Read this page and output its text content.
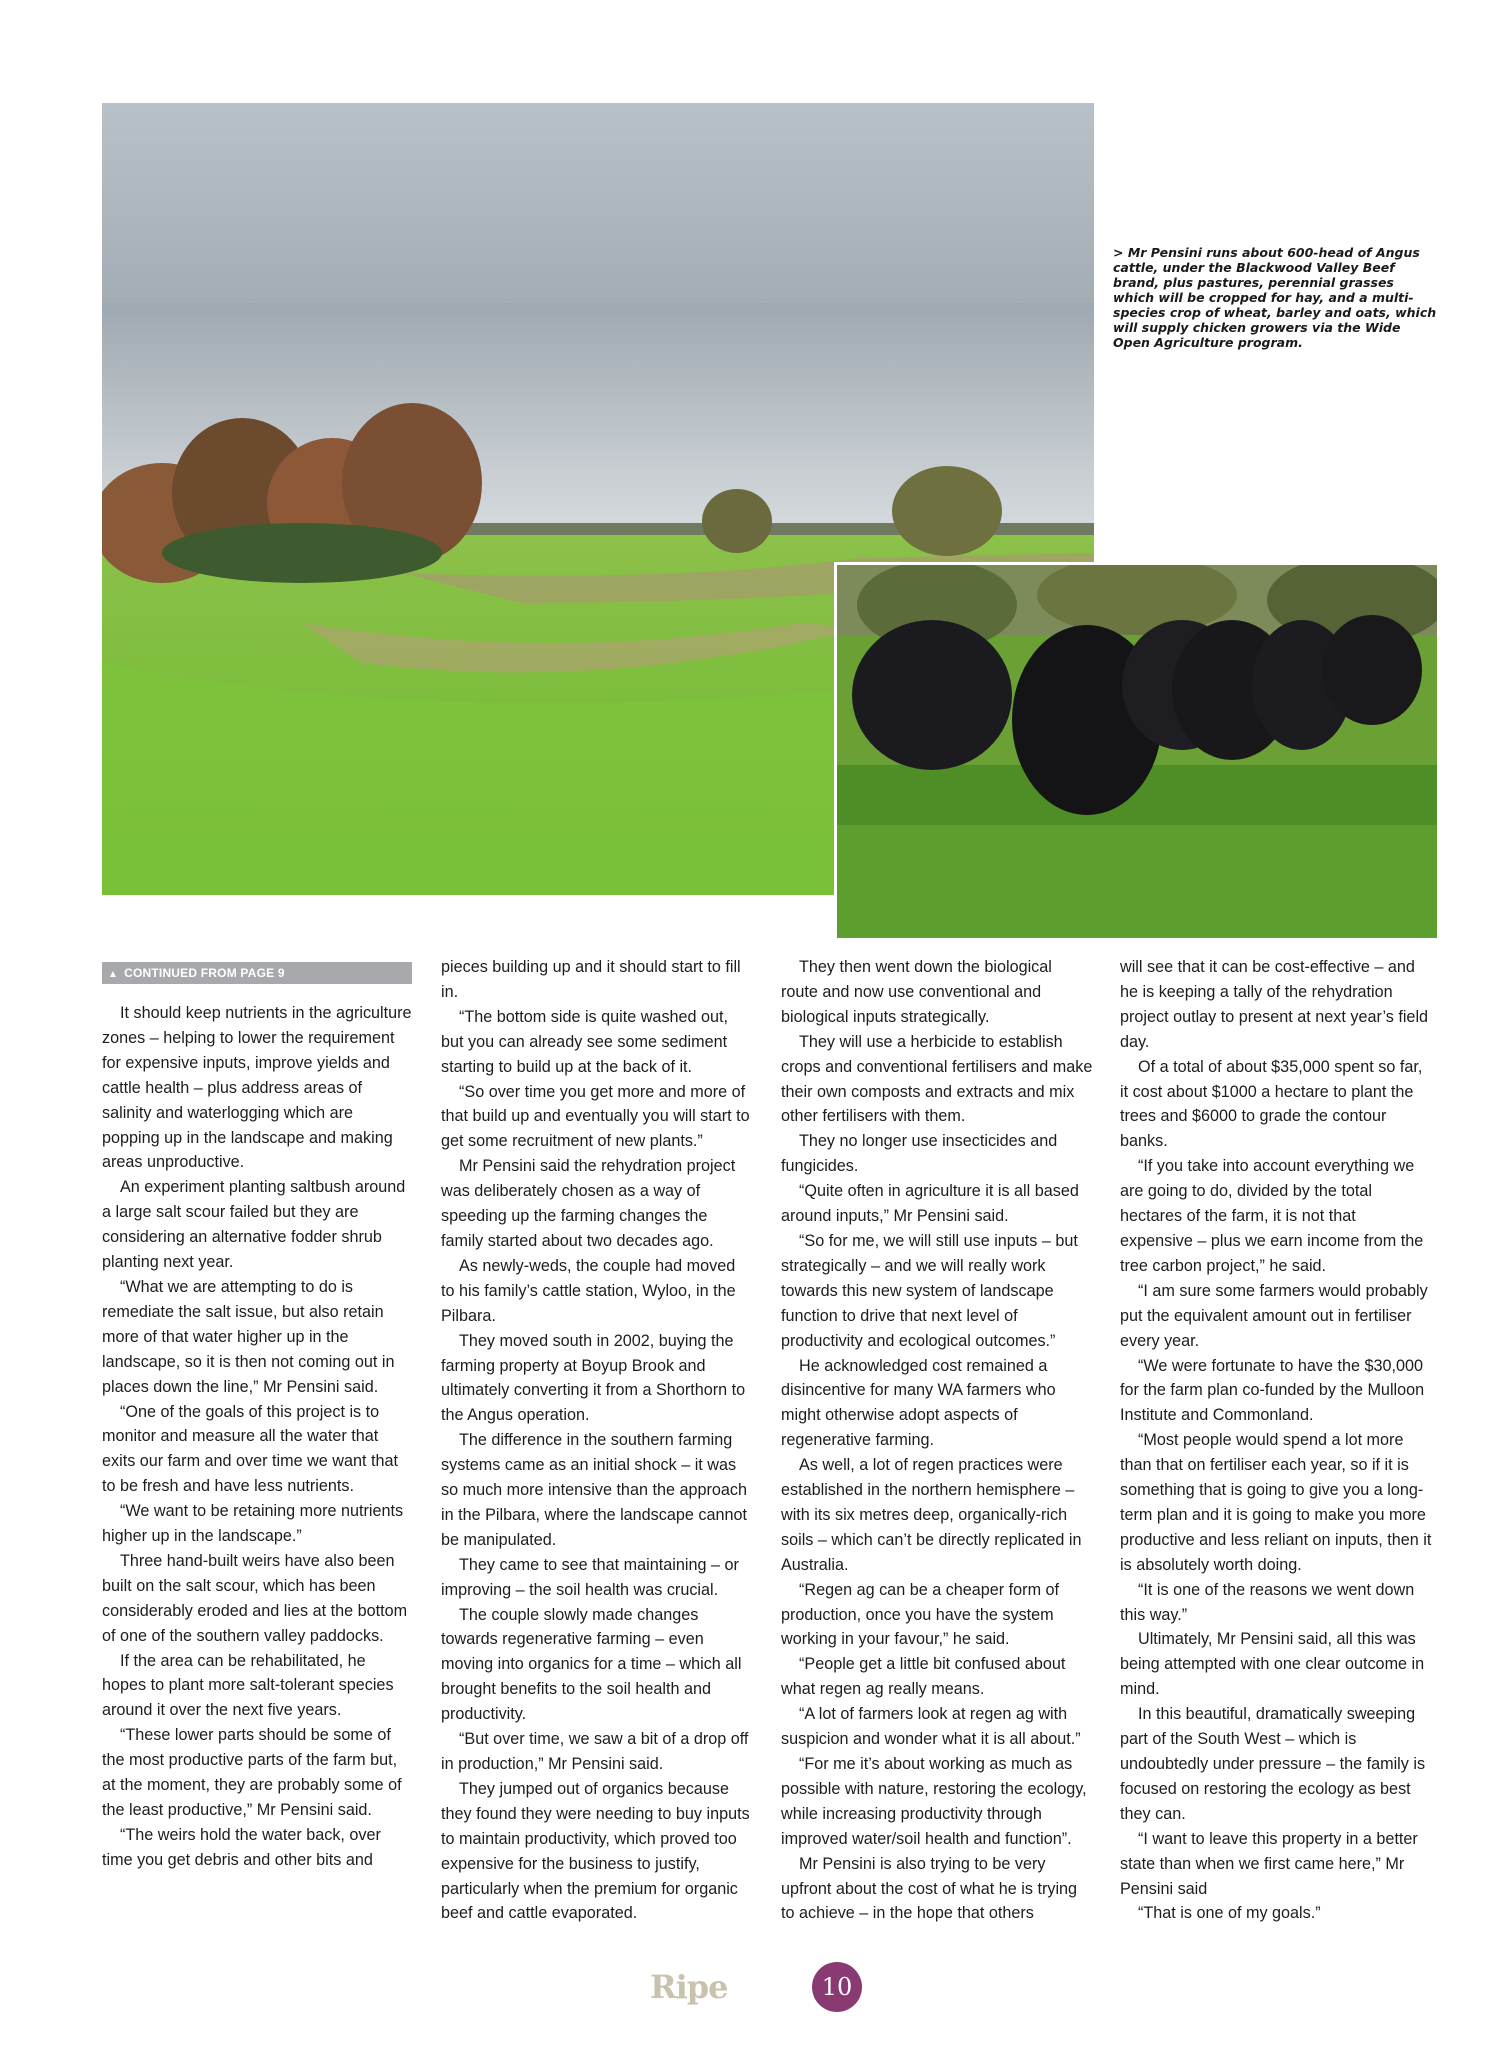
> Mr Pensini runs about 600-head of Angus cattle, under the Blackwood Valley Beef brand, plus pastures, perennial grasses which will be cropped for hay, and a multi-species crop of wheat, barley and oats, which will supply chicken growers via the Wide Open Agriculture program.

▲ CONTINUED FROM PAGE 9

It should keep nutrients in the agriculture zones – helping to lower the requirement for expensive inputs, improve yields and cattle health – plus address areas of salinity and waterlogging which are popping up in the landscape and making areas unproductive.

An experiment planting saltbush around a large salt scour failed but they are considering an alternative fodder shrub planting next year.

“What we are attempting to do is remediate the salt issue, but also retain more of that water higher up in the landscape, so it is then not coming out in places down the line,” Mr Pensini said.

“One of the goals of this project is to monitor and measure all the water that exits our farm and over time we want that to be fresh and have less nutrients.

“We want to be retaining more nutrients higher up in the landscape.”

Three hand-built weirs have also been built on the salt scour, which has been considerably eroded and lies at the bottom of one of the southern valley paddocks.

If the area can be rehabilitated, he hopes to plant more salt-tolerant species around it over the next five years.

“These lower parts should be some of the most productive parts of the farm but, at the moment, they are probably some of the least productive,” Mr Pensini said.

“The weirs hold the water back, over time you get debris and other bits and

pieces building up and it should start to fill in.

“The bottom side is quite washed out, but you can already see some sediment starting to build up at the back of it.

“So over time you get more and more of that build up and eventually you will start to get some recruitment of new plants.”

Mr Pensini said the rehydration project was deliberately chosen as a way of speeding up the farming changes the family started about two decades ago.

As newly-weds, the couple had moved to his family’s cattle station, Wyloo, in the Pilbara.

They moved south in 2002, buying the farming property at Boyup Brook and ultimately converting it from a Shorthorn to the Angus operation.

The difference in the southern farming systems came as an initial shock – it was so much more intensive than the approach in the Pilbara, where the landscape cannot be manipulated.

They came to see that maintaining – or improving – the soil health was crucial.

The couple slowly made changes towards regenerative farming – even moving into organics for a time – which all brought benefits to the soil health and productivity.

“But over time, we saw a bit of a drop off in production,” Mr Pensini said.

They jumped out of organics because they found they were needing to buy inputs to maintain productivity, which proved too expensive for the business to justify, particularly when the premium for organic beef and cattle evaporated.

They then went down the biological route and now use conventional and biological inputs strategically.

They will use a herbicide to establish crops and conventional fertilisers and make their own composts and extracts and mix other fertilisers with them.

They no longer use insecticides and fungicides.

“Quite often in agriculture it is all based around inputs,” Mr Pensini said.

“So for me, we will still use inputs – but strategically – and we will really work towards this new system of landscape function to drive that next level of productivity and ecological outcomes.”

He acknowledged cost remained a disincentive for many WA farmers who might otherwise adopt aspects of regenerative farming.

As well, a lot of regen practices were established in the northern hemisphere – with its six metres deep, organically-rich soils – which can’t be directly replicated in Australia.

“Regen ag can be a cheaper form of production, once you have the system working in your favour,” he said.

“People get a little bit confused about what regen ag really means.

“A lot of farmers look at regen ag with suspicion and wonder what it is all about.”

“For me it’s about working as much as possible with nature, restoring the ecology, while increasing productivity through improved water/soil health and function”.

Mr Pensini is also trying to be very upfront about the cost of what he is trying to achieve – in the hope that others

will see that it can be cost-effective – and he is keeping a tally of the rehydration project outlay to present at next year’s field day.

Of a total of about $35,000 spent so far, it cost about $1000 a hectare to plant the trees and $6000 to grade the contour banks.

“If you take into account everything we are going to do, divided by the total hectares of the farm, it is not that expensive – plus we earn income from the tree carbon project,” he said.

“I am sure some farmers would probably put the equivalent amount out in fertiliser every year.

“We were fortunate to have the $30,000 for the farm plan co-funded by the Mulloon Institute and Commonland.

“Most people would spend a lot more than that on fertiliser each year, so if it is something that is going to give you a long-term plan and it is going to make you more productive and less reliant on inputs, then it is absolutely worth doing.

“It is one of the reasons we went down this way.”

Ultimately, Mr Pensini said, all this was being attempted with one clear outcome in mind.

In this beautiful, dramatically sweeping part of the South West – which is undoubtedly under pressure – the family is focused on restoring the ecology as best they can.

“I want to leave this property in a better state than when we first came here,” Mr Pensini said

“That is one of my goals.”

Ripe	10
